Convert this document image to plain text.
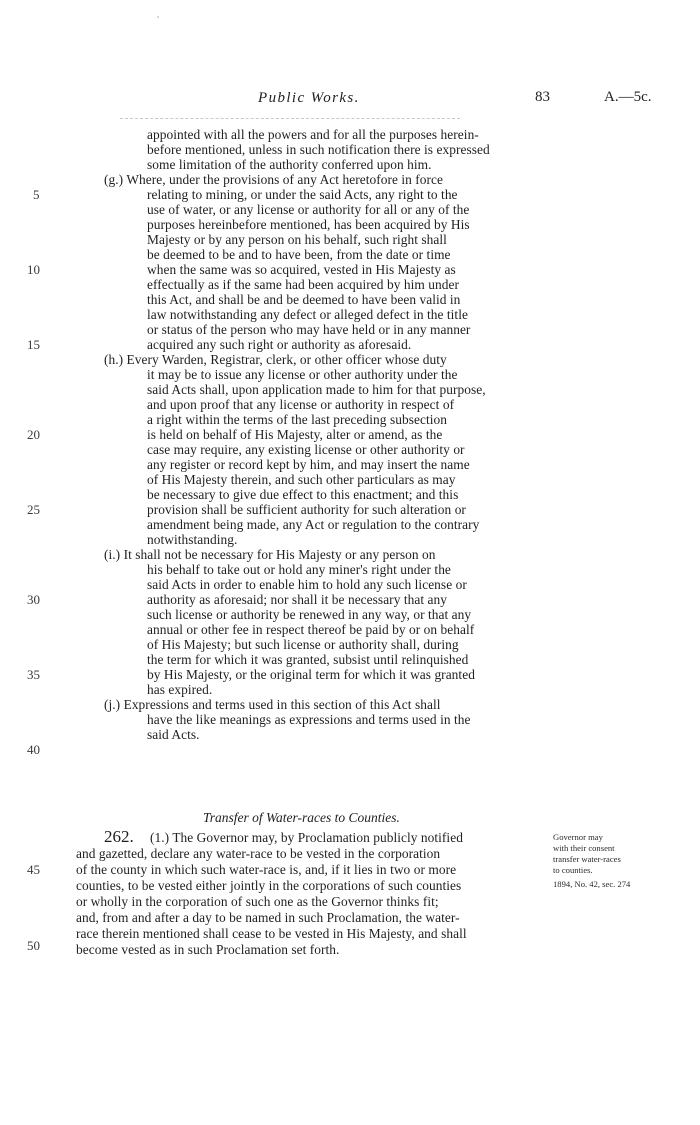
Public Works.	83	A.—5c.
appointed with all the powers and for all the purposes herein-
before mentioned, unless in such notification there is expressed
some limitation of the authority conferred upon him.
(g.) Where, under the provisions of any Act heretofore in force
relating to mining, or under the said Acts, any right to the
use of water, or any license or authority for all or any of the
purposes hereinbefore mentioned, has been acquired by His
Majesty or by any person on his behalf, such right shall
be deemed to be and to have been, from the date or time
when the same was so acquired, vested in His Majesty as
effectually as if the same had been acquired by him under
this Act, and shall be and be deemed to have been valid in
law notwithstanding any defect or alleged defect in the title
or status of the person who may have held or in any manner
acquired any such right or authority as aforesaid.
(h.) Every Warden, Registrar, clerk, or other officer whose duty
it may be to issue any license or other authority under the
said Acts shall, upon application made to him for that purpose,
and upon proof that any license or authority in respect of
a right within the terms of the last preceding subsection
is held on behalf of His Majesty, alter or amend, as the
case may require, any existing license or other authority or
any register or record kept by him, and may insert the name
of His Majesty therein, and such other particulars as may
be necessary to give due effect to this enactment; and this
provision shall be sufficient authority for such alteration or
amendment being made, any Act or regulation to the contrary
notwithstanding.
(i.) It shall not be necessary for His Majesty or any person on
his behalf to take out or hold any miner's right under the
said Acts in order to enable him to hold any such license or
authority as aforesaid; nor shall it be necessary that any
such license or authority be renewed in any way, or that any
annual or other fee in respect thereof be paid by or on behalf
of His Majesty; but such license or authority shall, during
the term for which it was granted, subsist until relinquished
by His Majesty, or the original term for which it was granted
has expired.
(j.) Expressions and terms used in this section of this Act shall
have the like meanings as expressions and terms used in the
said Acts.
5
10
15
20
25
30
35
40
45
50
Transfer of Water-races to Counties.
262. (1.) The Governor may, by Proclamation publicly notified
and gazetted, declare any water-race to be vested in the corporation
of the county in which such water-race is, and, if it lies in two or more
counties, to be vested either jointly in the corporations of such counties
or wholly in the corporation of such one as the Governor thinks fit;
and, from and after a day to be named in such Proclamation, the water-
race therein mentioned shall cease to be vested in His Majesty, and shall
become vested as in such Proclamation set forth.
Governor may
with their consent
transfer water-races
to counties.
1894, No. 42, sec. 274
